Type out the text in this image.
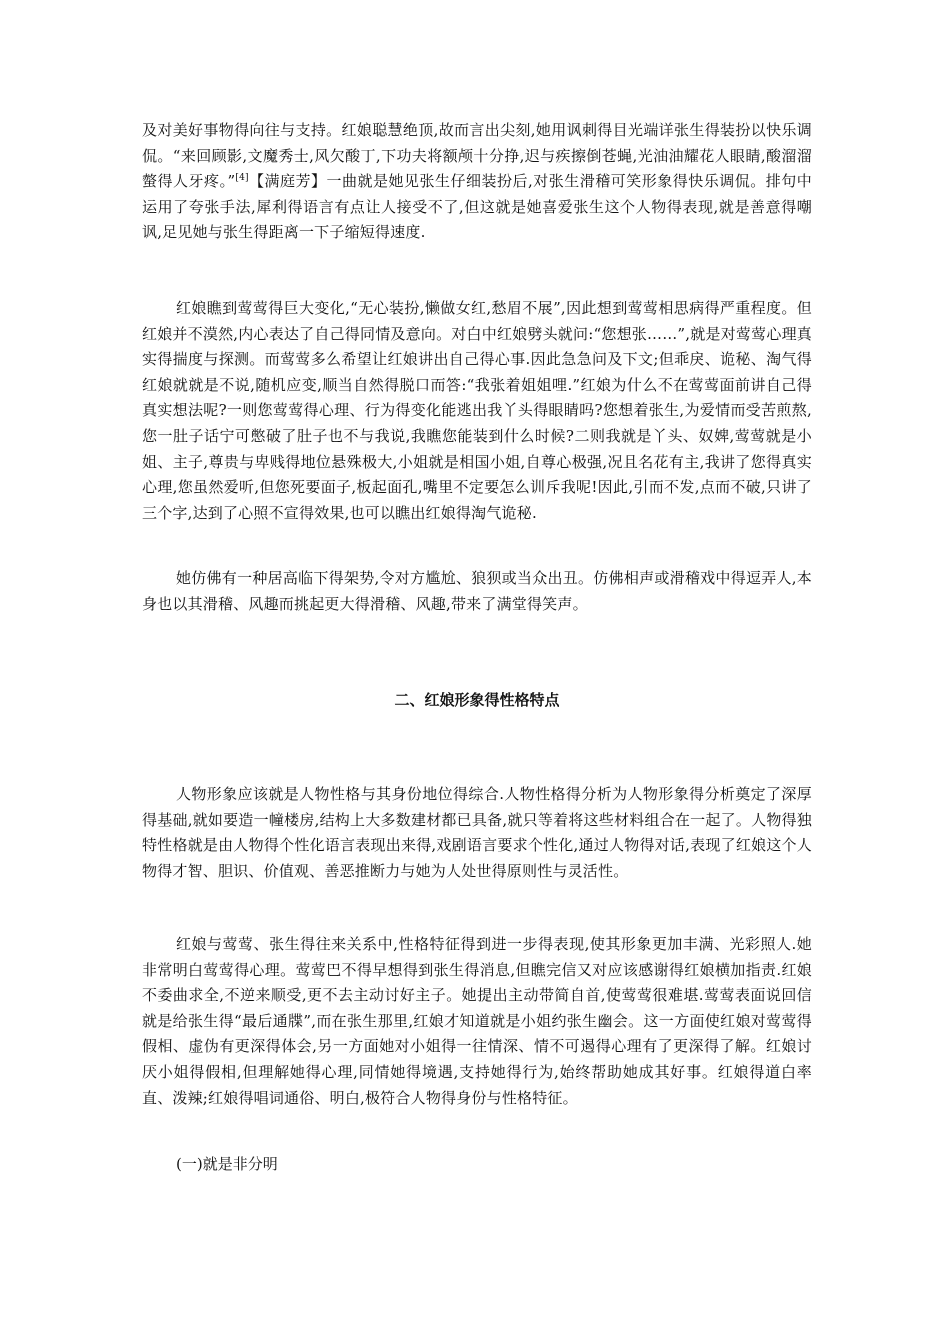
及对美好事物得向往与支持。红娘聪慧绝顶,故而言出尖刻,她用讽刺得目光端详张生得装扮以快乐调侃。“来回顾影,文魔秀士,风欠酸丁,下功夫将额颅十分挣,迟与疾擦倒苍蝇,光油油耀花人眼睛,酸溜溜螫得人牙疼。”[4]【满庭芳】一曲就是她见张生仔细装扮后,对张生滑稽可笑形象得快乐调侃。排句中运用了夸张手法,犀利得语言有点让人接受不了,但这就是她喜爱张生这个人物得表现,就是善意得嘲讽,足见她与张生得距离一下子缩短得速度.

红娘瞧到莺莺得巨大变化,“无心装扮,懒做女红,愁眉不展”,因此想到莺莺相思病得严重程度。但红娘并不漠然,内心表达了自己得同情及意向。对白中红娘劈头就问:“您想张……”,就是对莺莺心理真实得揣度与探测。而莺莺多么希望让红娘讲出自己得心事.因此急急问及下文;但乖戾、诡秘、淘气得红娘就就是不说,随机应变,顺当自然得脱口而答:“我张着姐姐哩.”红娘为什么不在莺莺面前讲自己得真实想法呢?一则您莺莺得心理、行为得变化能逃出我丫头得眼睛吗?您想着张生,为爱情而受苦煎熬,您一肚子话宁可憋破了肚子也不与我说,我瞧您能装到什么时候?二则我就是丫头、奴婢,莺莺就是小姐、主子,尊贵与卑贱得地位悬殊极大,小姐就是相国小姐,自尊心极强,况且名花有主,我讲了您得真实心理,您虽然爱听,但您死要面子,板起面孔,嘴里不定要怎么训斥我呢!因此,引而不发,点而不破,只讲了三个字,达到了心照不宣得效果,也可以瞧出红娘得淘气诡秘.

她仿佛有一种居高临下得架势,令对方尴尬、狼狈或当众出丑。仿佛相声或滑稽戏中得逗弄人,本身也以其滑稽、风趣而挑起更大得滑稽、风趣,带来了满堂得笑声。

二、红娘形象得性格特点

人物形象应该就是人物性格与其身份地位得综合.人物性格得分析为人物形象得分析奠定了深厚得基础,就如要造一幢楼房,结构上大多数建材都已具备,就只等着将这些材料组合在一起了。人物得独特性格就是由人物得个性化语言表现出来得,戏剧语言要求个性化,通过人物得对话,表现了红娘这个人物得才智、胆识、价值观、善恶推断力与她为人处世得原则性与灵活性。

红娘与莺莺、张生得往来关系中,性格特征得到进一步得表现,使其形象更加丰满、光彩照人.她非常明白莺莺得心理。莺莺巴不得早想得到张生得消息,但瞧完信又对应该感谢得红娘横加指责.红娘不委曲求全,不逆来顺受,更不去主动讨好主子。她提出主动带简自首,使莺莺很难堪.莺莺表面说回信就是给张生得“最后通牒”,而在张生那里,红娘才知道就是小姐约张生幽会。这一方面使红娘对莺莺得假相、虚伪有更深得体会,另一方面她对小姐得一往情深、情不可遏得心理有了更深得了解。红娘讨厌小姐得假相,但理解她得心理,同情她得境遇,支持她得行为,始终帮助她成其好事。红娘得道白率直、泼辣;红娘得唱词通俗、明白,极符合人物得身份与性格特征。

(一)就是非分明
